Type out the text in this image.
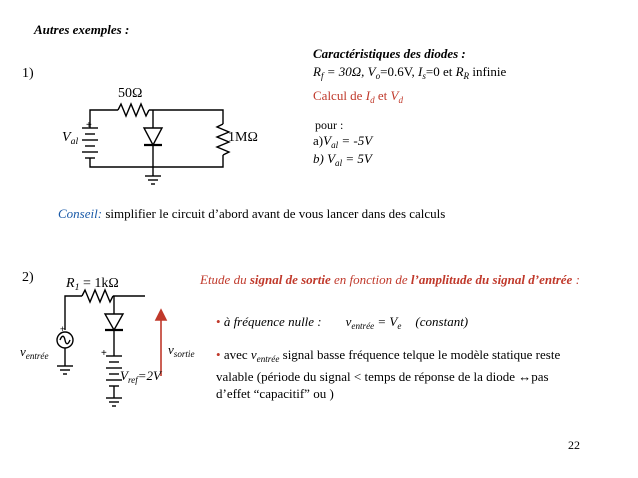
Autres exemples :
1)
+
+
+
50Ω
1MΩ
$V_{al}$
Caractéristiques des diodes :
$R_f = 30\Omega$, $V_o=0.6V$, $I_s=0$ et $R_R$ infinie
Calcul de $I_d$ et $V_d$
pour :
$a)V_{al} = -5V$
b) $V_{al} = 5V$
Conseil: simplifier le circuit d’abord avant de vous lancer dans des calculs
2) $R_1 = 1k\Omega$
$v_{entrée}$	$v_{sortie}$
$V_{ref}=2V$
Etude du signal de sortie en fonction de l’amplitude du signal d’entrée :
• à fréquence nulle : $v_{entrée} = V_e$ (constant)
• avec $v_{entrée}$ signal basse fréquence telque le modèle statique reste
valable (période du signal < temps de réponse de la diode ↔pas
d’effet “capacitif” ou )
22
